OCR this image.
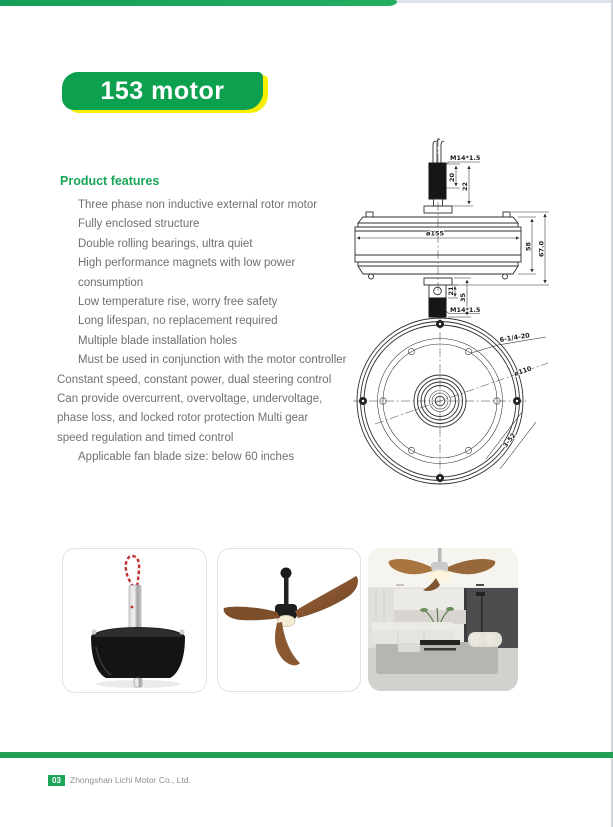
153 motor
Product features
Three phase non inductive external rotor motor
Fully enclosed structure
Double rolling bearings, ultra quiet
High performance magnets with low power
consumption
Low temperature rise, worry free safety
Long lifespan, no replacement required
Multiple blade installation holes
Must be used in conjunction with the motor controller
Constant speed, constant power, dual steering control
Can provide overcurrent, overvoltage, undervoltage,
phase loss, and locked rotor protection Multi gear
speed regulation and timed control
Applicable fan blade size: below 60 inches
M14*1.5
20
22
ø155
21
35
M14*1.5
58 67.0
6-1/4-20
ø110
3-52
03 Zhongshan Lichi Motor Co., Ltd.
